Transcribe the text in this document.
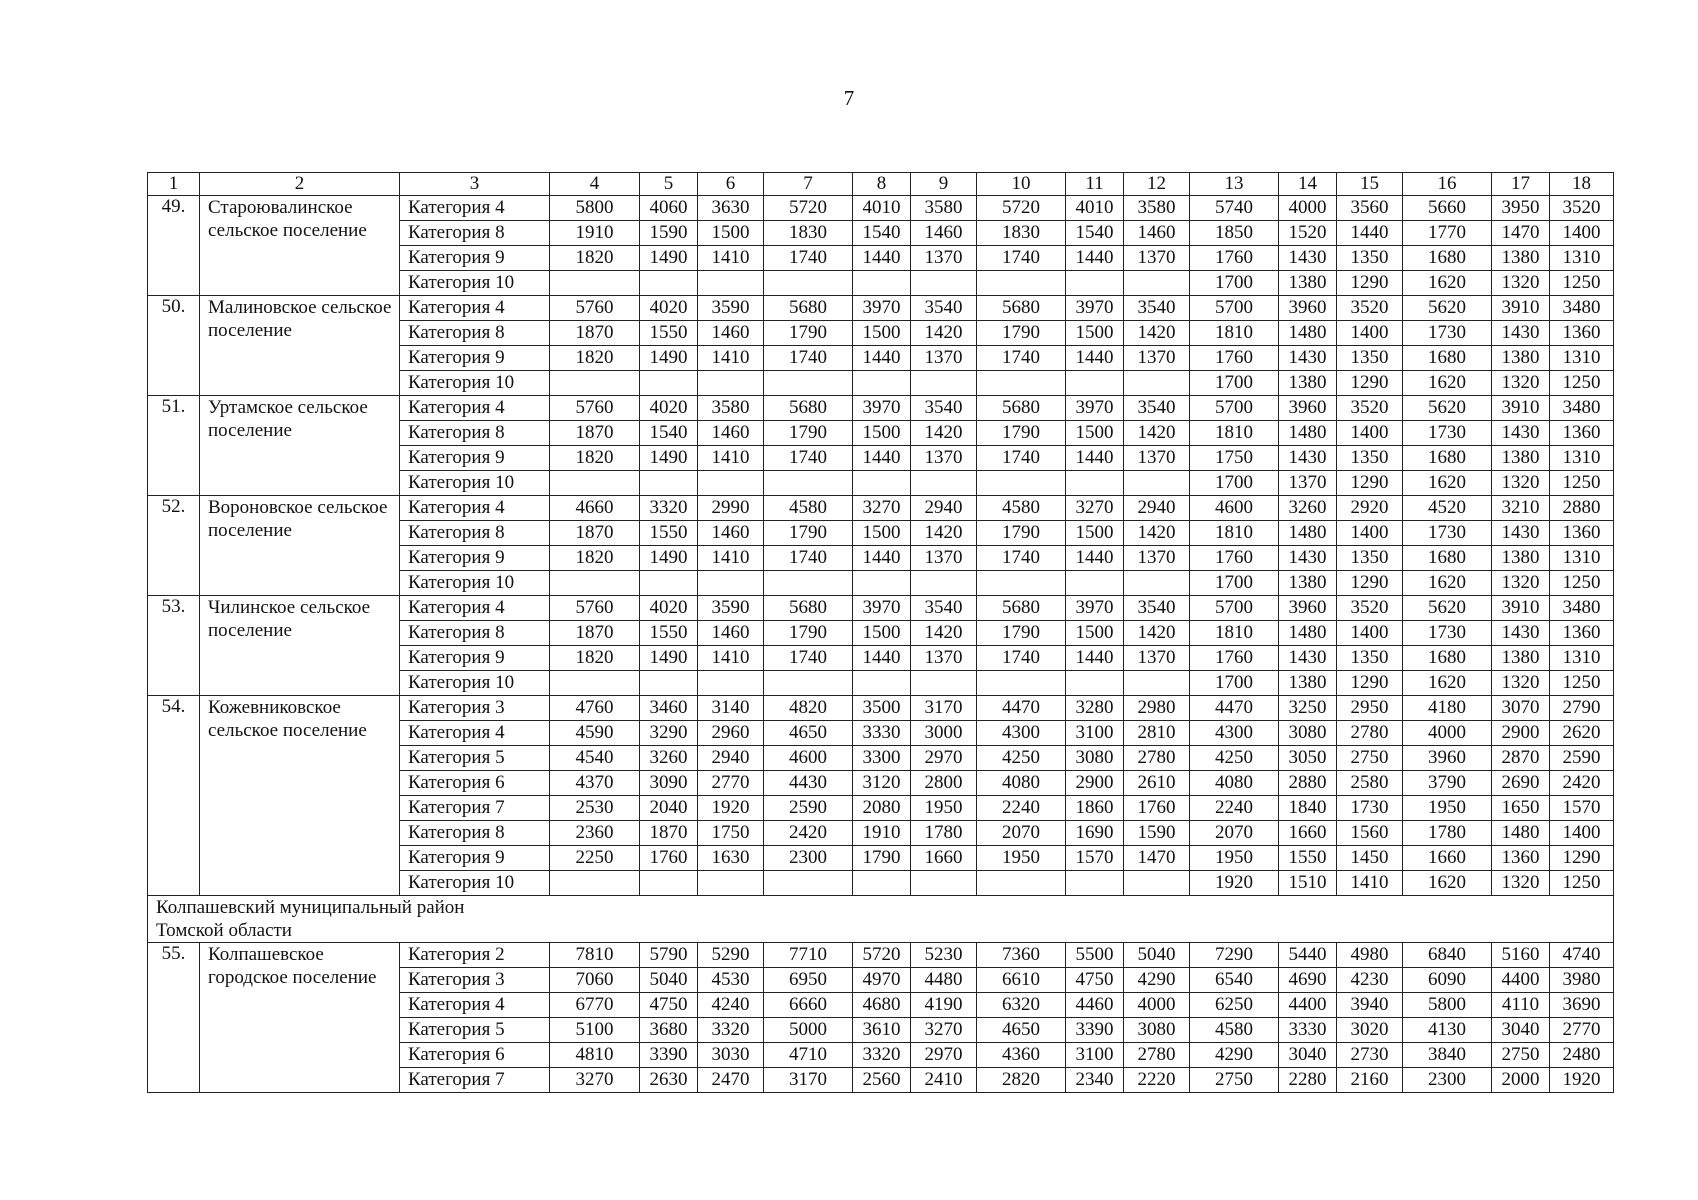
7
1	2	3	4	5	6	7	8	9	10	11	12	13	14	15	16	17	18
49.	Староювалинское сельское поселение	Категория 4	5800	4060	3630	5720	4010	3580	5720	4010	3580	5740	4000	3560	5660	3950	3520
		Категория 8	1910	1590	1500	1830	1540	1460	1830	1540	1460	1850	1520	1440	1770	1470	1400
		Категория 9	1820	1490	1410	1740	1440	1370	1740	1440	1370	1760	1430	1350	1680	1380	1310
		Категория 10										1700	1380	1290	1620	1320	1250
50.	Малиновское сельское поселение	Категория 4	5760	4020	3590	5680	3970	3540	5680	3970	3540	5700	3960	3520	5620	3910	3480
		Категория 8	1870	1550	1460	1790	1500	1420	1790	1500	1420	1810	1480	1400	1730	1430	1360
		Категория 9	1820	1490	1410	1740	1440	1370	1740	1440	1370	1760	1430	1350	1680	1380	1310
		Категория 10										1700	1380	1290	1620	1320	1250
51.	Уртамское сельское поселение	Категория 4	5760	4020	3580	5680	3970	3540	5680	3970	3540	5700	3960	3520	5620	3910	3480
		Категория 8	1870	1540	1460	1790	1500	1420	1790	1500	1420	1810	1480	1400	1730	1430	1360
		Категория 9	1820	1490	1410	1740	1440	1370	1740	1440	1370	1750	1430	1350	1680	1380	1310
		Категория 10										1700	1370	1290	1620	1320	1250
52.	Вороновское сельское поселение	Категория 4	4660	3320	2990	4580	3270	2940	4580	3270	2940	4600	3260	2920	4520	3210	2880
		Категория 8	1870	1550	1460	1790	1500	1420	1790	1500	1420	1810	1480	1400	1730	1430	1360
		Категория 9	1820	1490	1410	1740	1440	1370	1740	1440	1370	1760	1430	1350	1680	1380	1310
		Категория 10										1700	1380	1290	1620	1320	1250
53.	Чилинское сельское поселение	Категория 4	5760	4020	3590	5680	3970	3540	5680	3970	3540	5700	3960	3520	5620	3910	3480
		Категория 8	1870	1550	1460	1790	1500	1420	1790	1500	1420	1810	1480	1400	1730	1430	1360
		Категория 9	1820	1490	1410	1740	1440	1370	1740	1440	1370	1760	1430	1350	1680	1380	1310
		Категория 10										1700	1380	1290	1620	1320	1250
54.	Кожевниковское сельское поселение	Категория 3	4760	3460	3140	4820	3500	3170	4470	3280	2980	4470	3250	2950	4180	3070	2790
		Категория 4	4590	3290	2960	4650	3330	3000	4300	3100	2810	4300	3080	2780	4000	2900	2620
		Категория 5	4540	3260	2940	4600	3300	2970	4250	3080	2780	4250	3050	2750	3960	2870	2590
		Категория 6	4370	3090	2770	4430	3120	2800	4080	2900	2610	4080	2880	2580	3790	2690	2420
		Категория 7	2530	2040	1920	2590	2080	1950	2240	1860	1760	2240	1840	1730	1950	1650	1570
		Категория 8	2360	1870	1750	2420	1910	1780	2070	1690	1590	2070	1660	1560	1780	1480	1400
		Категория 9	2250	1760	1630	2300	1790	1660	1950	1570	1470	1950	1550	1450	1660	1360	1290
		Категория 10										1920	1510	1410	1620	1320	1250

Колпашевский муниципальный район Томской области																	

55.	Колпашевское городское поселение	Категория 2	7810	5790	5290	7710	5720	5230	7360	5500	5040	7290	5440	4980	6840	5160	4740
		Категория 3	7060	5040	4530	6950	4970	4480	6610	4750	4290	6540	4690	4230	6090	4400	3980
		Категория 4	6770	4750	4240	6660	4680	4190	6320	4460	4000	6250	4400	3940	5800	4110	3690
		Категория 5	5100	3680	3320	5000	3610	3270	4650	3390	3080	4580	3330	3020	4130	3040	2770
		Категория 6	4810	3390	3030	4710	3320	2970	4360	3100	2780	4290	3040	2730	3840	2750	2480
		Категория 7	3270	2630	2470	3170	2560	2410	2820	2340	2220	2750	2280	2160	2300	2000	1920
